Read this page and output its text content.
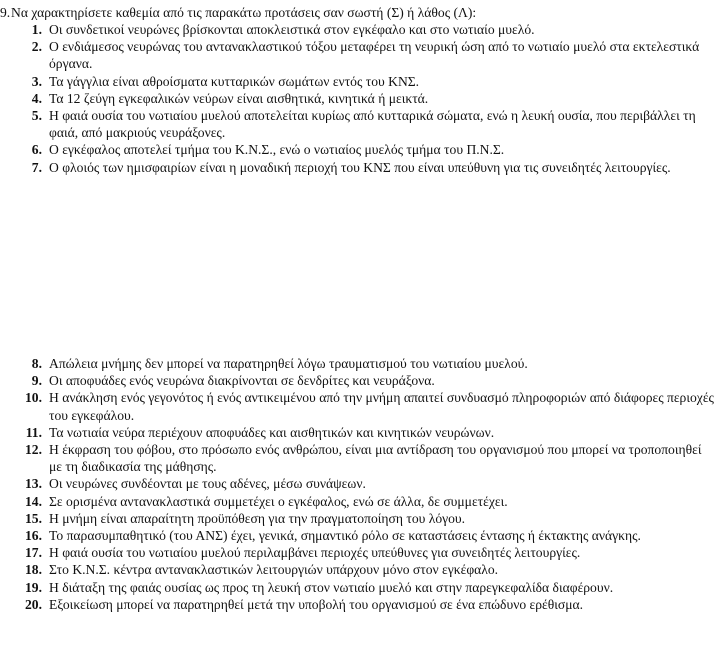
9.Να χαρακτηρίσετε καθεμία από τις παρακάτω προτάσεις σαν σωστή (Σ) ή λάθος (Λ):
1. Οι συνδετικοί νευρώνες βρίσκονται αποκλειστικά στον εγκέφαλο και στο νωτιαίο μυελό.
2. Ο ενδιάμεσος νευρώνας του αντανακλαστικού τόξου μεταφέρει τη νευρική ώση από το νωτιαίο μυελό στα εκτελεστικά όργανα.
3. Τα γάγγλια είναι αθροίσματα κυτταρικών σωμάτων εντός του ΚΝΣ.
4. Τα 12 ζεύγη εγκεφαλικών νεύρων είναι αισθητικά, κινητικά ή μεικτά.
5. Η φαιά ουσία του νωτιαίου μυελού αποτελείται κυρίως από κυτταρικά σώματα, ενώ η λευκή ουσία, που περιβάλλει τη φαιά, από μακριούς νευράξονες.
6. Ο εγκέφαλος αποτελεί τμήμα του Κ.Ν.Σ., ενώ ο νωτιαίος μυελός τμήμα του Π.Ν.Σ.
7. Ο φλοιός των ημισφαιρίων είναι η μοναδική περιοχή του ΚΝΣ που είναι υπεύθυνη για τις συνειδητές λειτουργίες.
8. Απώλεια μνήμης δεν μπορεί να παρατηρηθεί λόγω τραυματισμού του νωτιαίου μυελού.
9. Οι αποφυάδες ενός νευρώνα διακρίνονται σε δενδρίτες και νευράξονα.
10. Η ανάκληση ενός γεγονότος ή ενός αντικειμένου από την μνήμη απαιτεί συνδυασμό πληροφοριών από διάφορες περιοχές του εγκεφάλου.
11. Τα νωτιαία νεύρα περιέχουν αποφυάδες και αισθητικών και κινητικών νευρώνων.
12. Η έκφραση του φόβου, στο πρόσωπο ενός ανθρώπου, είναι μια αντίδραση του οργανισμού που μπορεί να τροποποιηθεί με τη διαδικασία της μάθησης.
13. Οι νευρώνες συνδέονται με τους αδένες, μέσω συνάψεων.
14. Σε ορισμένα αντανακλαστικά συμμετέχει ο εγκέφαλος, ενώ σε άλλα, δε συμμετέχει.
15. Η μνήμη είναι απαραίτητη προϋπόθεση για την πραγματοποίηση του λόγου.
16. Το παρασυμπαθητικό (του ΑΝΣ) έχει, γενικά, σημαντικό ρόλο σε καταστάσεις έντασης ή έκτακτης ανάγκης.
17. Η φαιά ουσία του νωτιαίου μυελού περιλαμβάνει περιοχές υπεύθυνες για συνειδητές λειτουργίες.
18. Στο Κ.Ν.Σ. κέντρα αντανακλαστικών λειτουργιών υπάρχουν μόνο στον εγκέφαλο.
19. Η διάταξη της φαιάς ουσίας ως προς τη λευκή στον νωτιαίο μυελό και στην παρεγκεφαλίδα διαφέρουν.
20. Εξοικείωση μπορεί να παρατηρηθεί μετά την υποβολή του οργανισμού σε ένα επώδυνο ερέθισμα.
